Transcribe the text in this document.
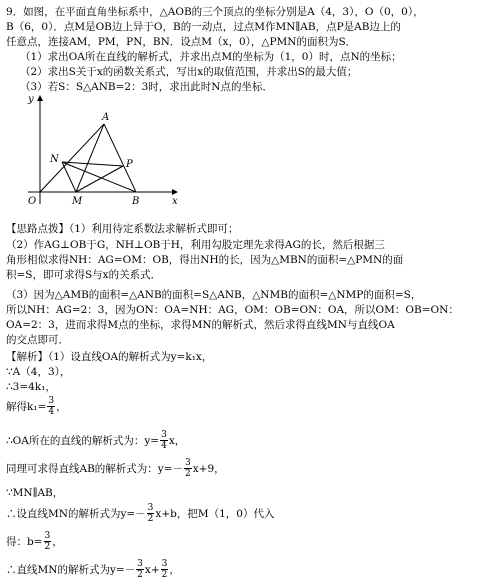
9．如图，在平面直角坐标系中，△AOB的三个顶点的坐标分别是A（4，3），O（0，0），
B（6，0）．点M是OB边上异于O，B的一动点，过点M作MN∥AB，点P是AB边上的
任意点，连接AM，PM，PN，BN．设点M（x，0），△PMN的面积为S．
（1）求出OA所在直线的解析式，并求出点M的坐标为（1，0）时，点N的坐标；
（2）求出S关于x的函数关系式，写出x的取值范围，并求出S的最大值；
（3）若S：S△ANB=2：3时，求出此时N点的坐标．
y
x
O	M	B
A
N	P
【思路点拨】（1）利用待定系数法求解析式即可；
（2）作AG⊥OB于G，NH⊥OB于H，利用勾股定理先求得AG的长，然后根据三
角形相似求得NH：AG=OM：OB，得出NH的长，因为△MBN的面积=△PMN的面
积=S，即可求得S与x的关系式．
（3）因为△AMB的面积=△ANB的面积=S△ANB，△NMB的面积=△NMP的面积=S，
所以NH：AG=2：3，因为ON：OA=NH：AG，OM：OB=ON：OA，所以OM：OB=ON：
OA=2：3，进而求得M点的坐标，求得MN的解析式，然后求得直线MN与直线OA
的交点即可．
【解析】（1）设直线OA的解析式为y=k₁x，
∵A（4，3），
∴3=4k₁，
解得$k_1= \frac{3}{4}$ ，
∴OA所在的直线的解析式为：$y= \frac{3}{4}$ x，
同理可求得直线AB的解析式为：$y=- \frac{3}{2} x+9$，
∵MN∥AB，
∴设直线MN的解析式为$y=- \frac{3}{2} x+b$，把M（1，0）代入
得：$b= \frac{3}{2}$ ，
∴直线MN的解析式为$y=- \frac{3}{2} x+ \frac{3}{2}$ ，
